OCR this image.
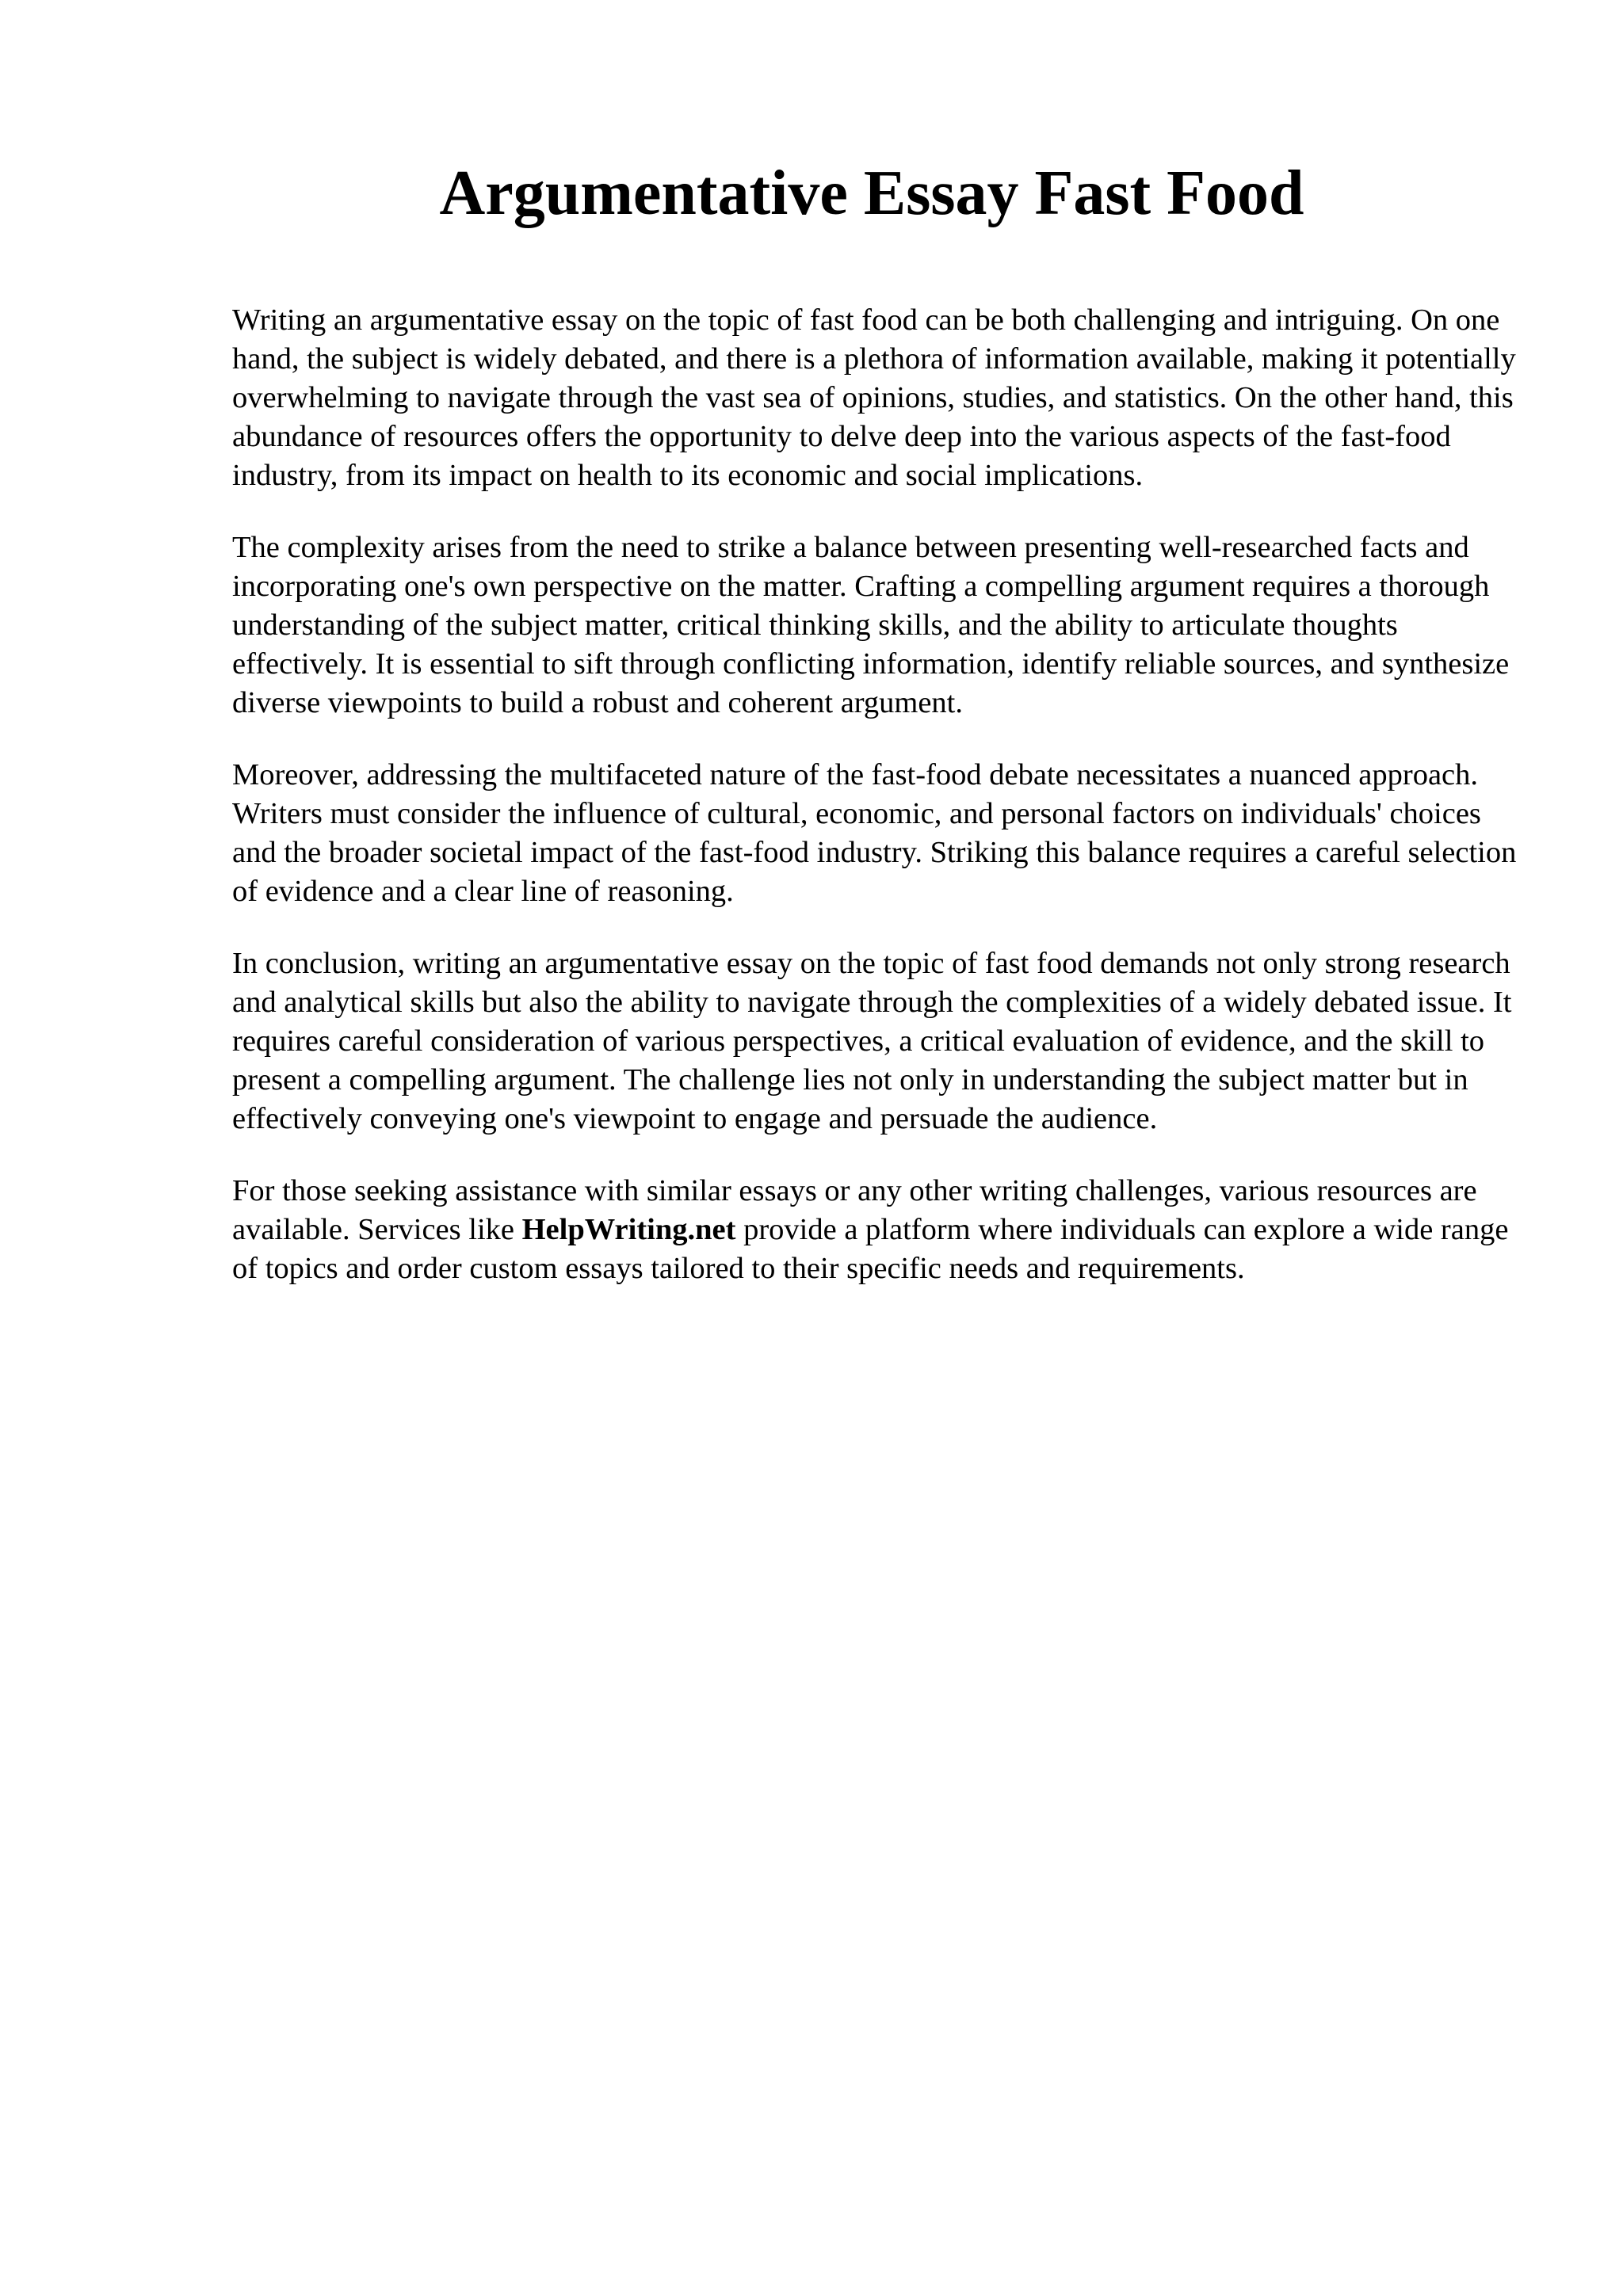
Argumentative Essay Fast Food

Writing an argumentative essay on the topic of fast food can be both challenging and intriguing. On one hand, the subject is widely debated, and there is a plethora of information available, making it potentially overwhelming to navigate through the vast sea of opinions, studies, and statistics. On the other hand, this abundance of resources offers the opportunity to delve deep into the various aspects of the fast-food industry, from its impact on health to its economic and social implications.

The complexity arises from the need to strike a balance between presenting well-researched facts and incorporating one's own perspective on the matter. Crafting a compelling argument requires a thorough understanding of the subject matter, critical thinking skills, and the ability to articulate thoughts effectively. It is essential to sift through conflicting information, identify reliable sources, and synthesize diverse viewpoints to build a robust and coherent argument.

Moreover, addressing the multifaceted nature of the fast-food debate necessitates a nuanced approach. Writers must consider the influence of cultural, economic, and personal factors on individuals' choices and the broader societal impact of the fast-food industry. Striking this balance requires a careful selection of evidence and a clear line of reasoning.

In conclusion, writing an argumentative essay on the topic of fast food demands not only strong research and analytical skills but also the ability to navigate through the complexities of a widely debated issue. It requires careful consideration of various perspectives, a critical evaluation of evidence, and the skill to present a compelling argument. The challenge lies not only in understanding the subject matter but in effectively conveying one's viewpoint to engage and persuade the audience.

For those seeking assistance with similar essays or any other writing challenges, various resources are available. Services like HelpWriting.net provide a platform where individuals can explore a wide range of topics and order custom essays tailored to their specific needs and requirements.
